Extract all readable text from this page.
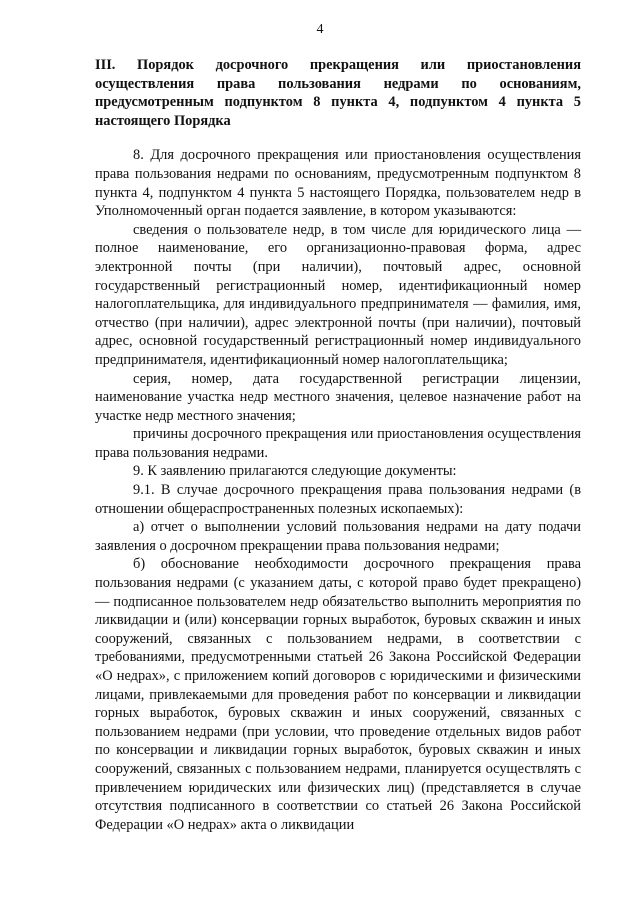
4

III. Порядок досрочного прекращения или приостановления осуществления права пользования недрами по основаниям, предусмотренным подпунктом 8 пункта 4, подпунктом 4 пункта 5 настоящего Порядка

8. Для досрочного прекращения или приостановления осуществления права пользования недрами по основаниям, предусмотренным подпунктом 8 пункта 4, подпунктом 4 пункта 5 настоящего Порядка, пользователем недр в Уполномоченный орган подается заявление, в котором указываются:

сведения о пользователе недр, в том числе для юридического лица — полное наименование, его организационно-правовая форма, адрес электронной почты (при наличии), почтовый адрес, основной государственный регистрационный номер, идентификационный номер налогоплательщика, для индивидуального предпринимателя — фамилия, имя, отчество (при наличии), адрес электронной почты (при наличии), почтовый адрес, основной государственный регистрационный номер индивидуального предпринимателя, идентификационный номер налогоплательщика;

серия, номер, дата государственной регистрации лицензии, наименование участка недр местного значения, целевое назначение работ на участке недр местного значения;

причины досрочного прекращения или приостановления осуществления права пользования недрами.

9. К заявлению прилагаются следующие документы:

9.1. В случае досрочного прекращения права пользования недрами (в отношении общераспространенных полезных ископаемых):

а) отчет о выполнении условий пользования недрами на дату подачи заявления о досрочном прекращении права пользования недрами;

б) обоснование необходимости досрочного прекращения права пользования недрами (с указанием даты, с которой право будет прекращено) — подписанное пользователем недр обязательство выполнить мероприятия по ликвидации и (или) консервации горных выработок, буровых скважин и иных сооружений, связанных с пользованием недрами, в соответствии с требованиями, предусмотренными статьей 26 Закона Российской Федерации «О недрах», с приложением копий договоров с юридическими и физическими лицами, привлекаемыми для проведения работ по консервации и ликвидации горных выработок, буровых скважин и иных сооружений, связанных с пользованием недрами (при условии, что проведение отдельных видов работ по консервации и ликвидации горных выработок, буровых скважин и иных сооружений, связанных с пользованием недрами, планируется осуществлять с привлечением юридических или физических лиц) (представляется в случае отсутствия подписанного в соответствии со статьей 26 Закона Российской Федерации «О недрах» акта о ликвидации
